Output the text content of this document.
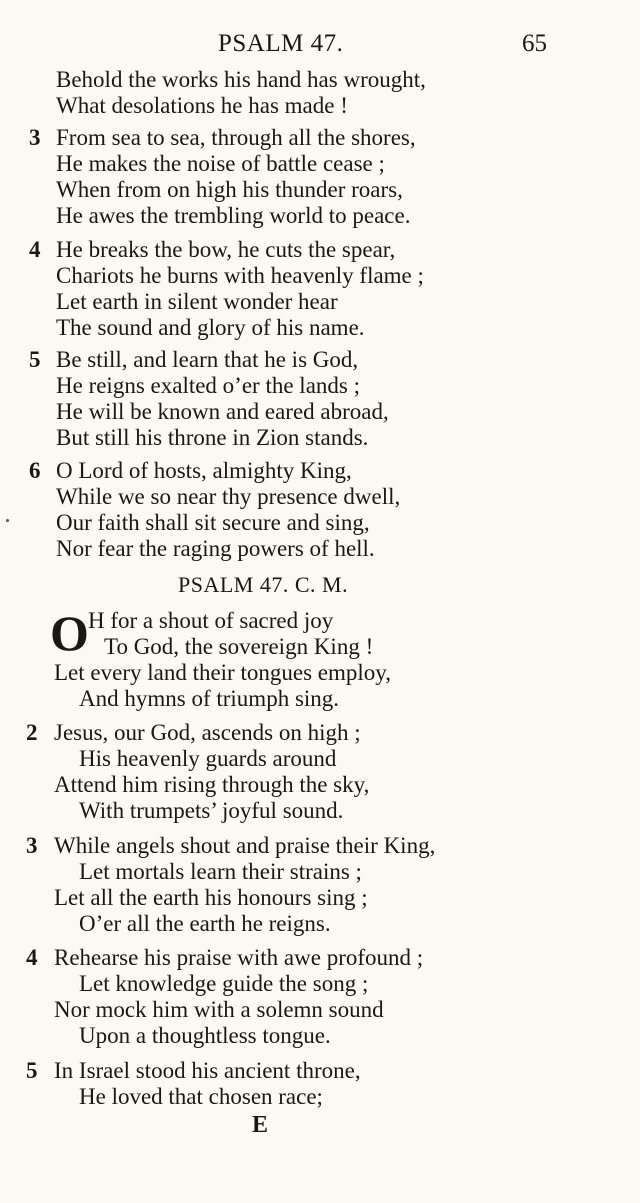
PSALM 47.	65
Behold the works his hand has wrought,
What desolations he has made !
3 From sea to sea, through all the shores,
He makes the noise of battle cease ;
When from on high his thunder roars,
He awes the trembling world to peace.
4 He breaks the bow, he cuts the spear,
Chariots he burns with heavenly flame ;
Let earth in silent wonder hear
The sound and glory of his name.
5 Be still, and learn that he is God,
He reigns exalted o’er the lands ;
He will be known and eared abroad,
But still his throne in Zion stands.
6 O Lord of hosts, almighty King,
While we so near thy presence dwell,
Our faith shall sit secure and sing,
Nor fear the raging powers of hell.
PSALM 47. C. M.
O H for a shout of sacred joy
To God, the sovereign King !
Let every land their tongues employ,
And hymns of triumph sing.
2 Jesus, our God, ascends on high ;
His heavenly guards around
Attend him rising through the sky,
With trumpets’ joyful sound.
3 While angels shout and praise their King,
Let mortals learn their strains ;
Let all the earth his honours sing ;
O’er all the earth he reigns.
4 Rehearse his praise with awe profound ;
Let knowledge guide the song ;
Nor mock him with a solemn sound
Upon a thoughtless tongue.
5 In Israel stood his ancient throne,
He loved that chosen race;
E
